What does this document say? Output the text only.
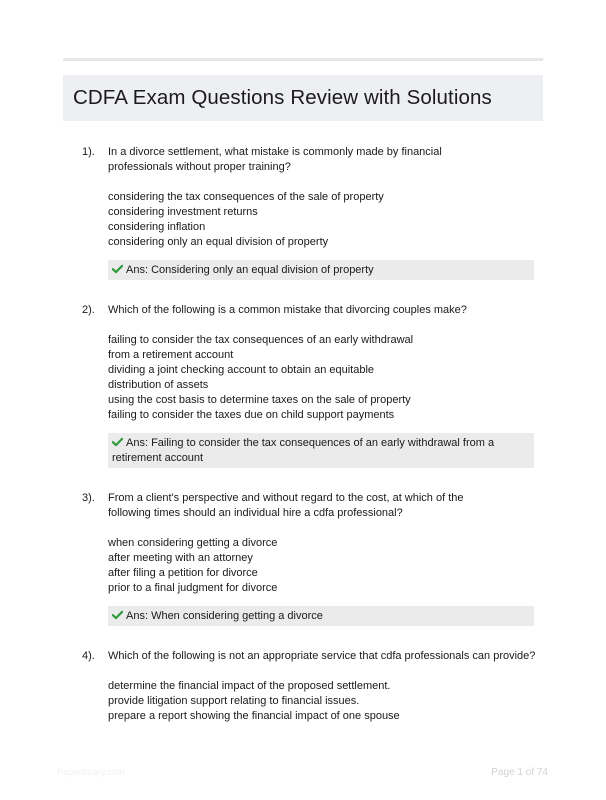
CDFA Exam Questions Review with Solutions
1). In a divorce settlement, what mistake is commonly made by financial
professionals without proper training?

considering the tax consequences of the sale of property
considering investment returns
considering inflation
considering only an equal division of property
Ans: Considering only an equal division of property
2). Which of the following is a common mistake that divorcing couples make?

failing to consider the tax consequences of an early withdrawal
from a retirement account
dividing a joint checking account to obtain an equitable
distribution of assets
using the cost basis to determine taxes on the sale of property
failing to consider the taxes due on child support payments
Ans: Failing to consider the tax consequences of an early withdrawal from a
retirement account
3). From a client's perspective and without regard to the cost, at which of the
following times should an individual hire a cdfa professional?

when considering getting a divorce
after meeting with an attorney
after filing a petition for divorce
prior to a final judgment for divorce
Ans: When considering getting a divorce
4). Which of the following is not an appropriate service that cdfa professionals can provide?

determine the financial impact of the proposed settlement.
provide litigation support relating to financial issues.
prepare a report showing the financial impact of one spouse
Paperlibrary.com	Page 1 of 74
